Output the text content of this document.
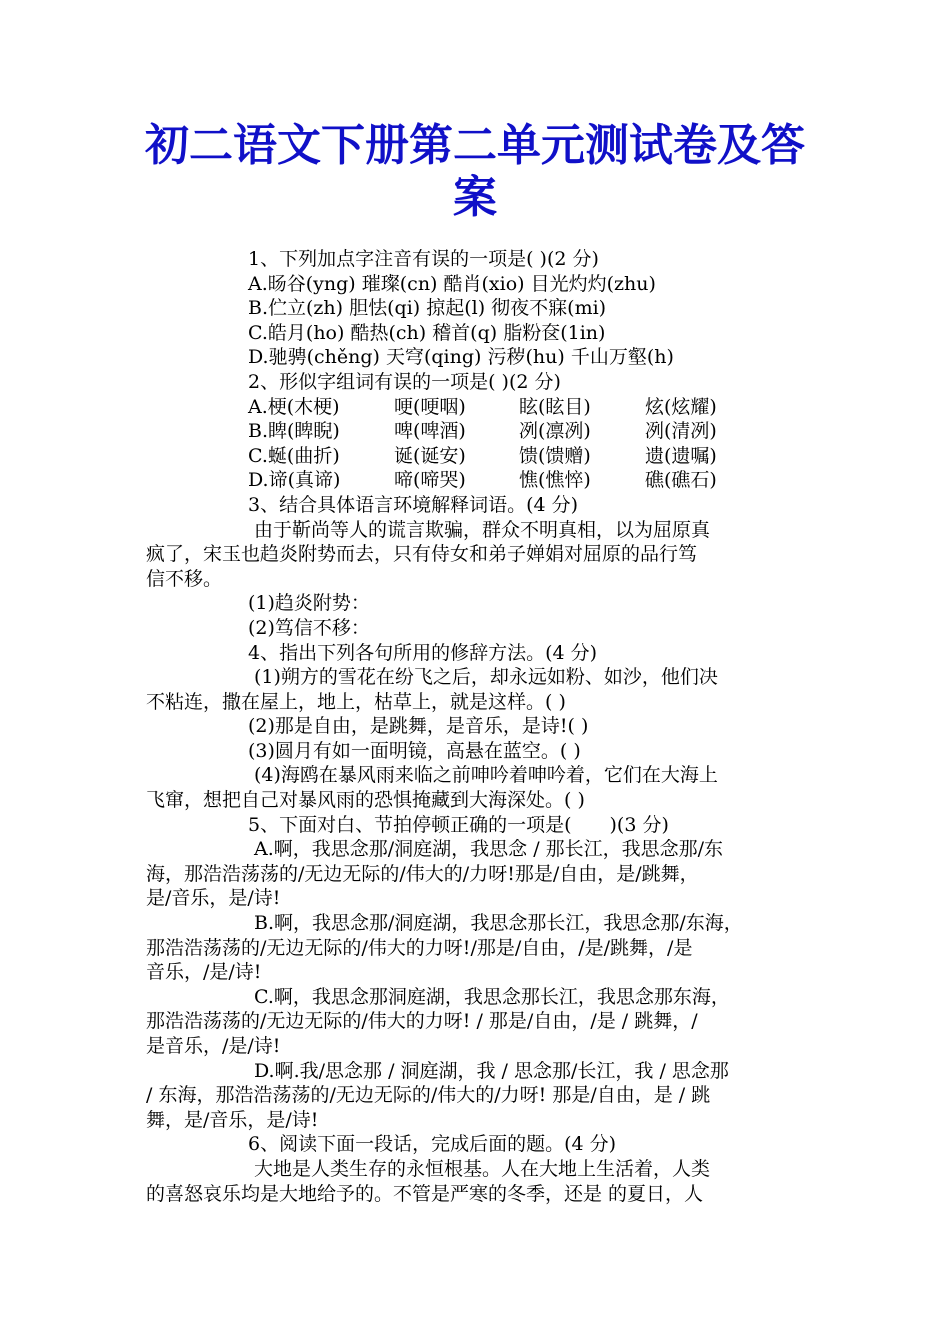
初二语文下册第二单元测试卷及答
案
1、下列加点字注音有误的一项是( )(2 分)
A.旸谷(yng) 璀璨(cn) 酷肖(xio) 目光灼灼(zhu)
B.伫立(zh) 胆怯(qi) 掠起(l) 彻夜不寐(mi)
C.皓月(ho) 酷热(ch) 稽首(q) 脂粉奁(1in)
D.驰骋(chěng) 天穹(qing) 污秽(hu) 千山万壑(h)
2、形似字组词有误的一项是( )(2 分)
A.梗(木梗)	哽(哽咽)	眩(眩目)	炫(炫耀)
B.睥(睥睨)	啤(啤酒)	冽(凛冽)	冽(清冽)
C.蜒(曲折)	诞(诞安)	馈(馈赠)	遗(遗嘱)
D.谛(真谛)	啼(啼哭)	憔(憔悴)	礁(礁石)
3、结合具体语言环境解释词语。(4 分)
由于靳尚等人的谎言欺骗，群众不明真相，以为屈原真
疯了，宋玉也趋炎附势而去，只有侍女和弟子婵娟对屈原的品行笃
信不移。
(1)趋炎附势：
(2)笃信不移：
4、指出下列各句所用的修辞方法。(4 分)
(1)朔方的雪花在纷飞之后，却永远如粉、如沙，他们决
不粘连，撒在屋上，地上，枯草上，就是这样。( )
(2)那是自由，是跳舞，是音乐，是诗!( )
(3)圆月有如一面明镜，高悬在蓝空。( )
(4)海鸥在暴风雨来临之前呻吟着呻吟着，它们在大海上
飞窜，想把自己对暴风雨的恐惧掩藏到大海深处。( )
5、下面对白、节拍停顿正确的一项是(　　)(3 分)
A.啊，我思念那/洞庭湖，我思念 / 那长江，我思念那/东
海，那浩浩荡荡的/无边无际的/伟大的/力呀!那是/自由，是/跳舞，
是/音乐，是/诗!
B.啊，我思念那/洞庭湖，我思念那长江，我思念那/东海，
那浩浩荡荡的/无边无际的/伟大的力呀!/那是/自由，/是/跳舞，/是
音乐，/是/诗!
C.啊，我思念那洞庭湖，我思念那长江，我思念那东海，
那浩浩荡荡的/无边无际的/伟大的力呀! / 那是/自由，/是 / 跳舞，/
是音乐，/是/诗!
D.啊.我/思念那 / 洞庭湖，我 / 思念那/长江，我 / 思念那
/ 东海，那浩浩荡荡的/无边无际的/伟大的/力呀! 那是/自由，是 / 跳
舞，是/音乐，是/诗!
6、阅读下面一段话，完成后面的题。(4 分)
大地是人类生存的永恒根基。人在大地上生活着，人类
的喜怒哀乐均是大地给予的。不管是严寒的冬季，还是 的夏日，人
